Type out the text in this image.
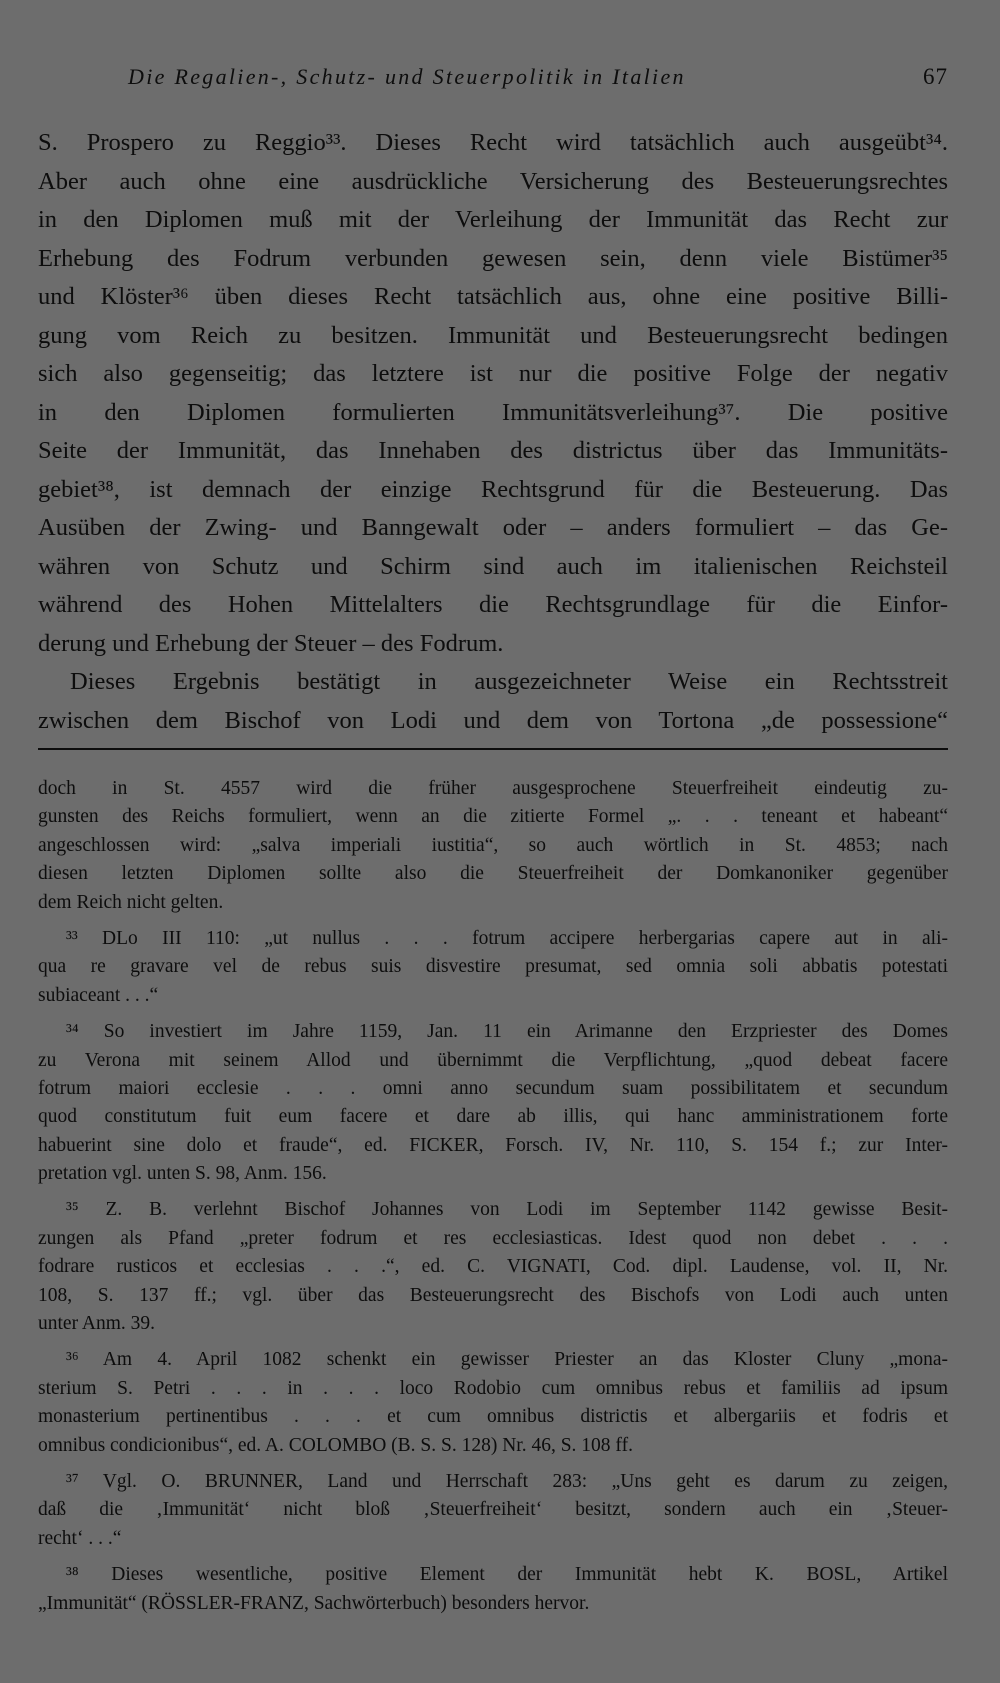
Die Regalien-, Schutz- und Steuerpolitik in Italien	67
S. Prospero zu Reggio³³. Dieses Recht wird tatsächlich auch ausgeübt³⁴.
Aber auch ohne eine ausdrückliche Versicherung des Besteuerungsrechtes
in den Diplomen muß mit der Verleihung der Immunität das Recht zur
Erhebung des Fodrum verbunden gewesen sein, denn viele Bistümer³⁵
und Klöster³⁶ üben dieses Recht tatsächlich aus, ohne eine positive Billi-
gung vom Reich zu besitzen. Immunität und Besteuerungsrecht bedingen
sich also gegenseitig; das letztere ist nur die positive Folge der negativ
in den Diplomen formulierten Immunitätsverleihung³⁷. Die positive
Seite der Immunität, das Innehaben des districtus über das Immunitäts-
gebiet³⁸, ist demnach der einzige Rechtsgrund für die Besteuerung. Das
Ausüben der Zwing- und Banngewalt oder – anders formuliert – das Ge-
währen von Schutz und Schirm sind auch im italienischen Reichsteil
während des Hohen Mittelalters die Rechtsgrundlage für die Einfor-
derung und Erhebung der Steuer – des Fodrum.
Dieses Ergebnis bestätigt in ausgezeichneter Weise ein Rechtsstreit
zwischen dem Bischof von Lodi und dem von Tortona „de possessione“
doch in St. 4557 wird die früher ausgesprochene Steuerfreiheit eindeutig zu-
gunsten des Reichs formuliert, wenn an die zitierte Formel „. . . teneant et habeant“
angeschlossen wird: „salva imperiali iustitia“, so auch wörtlich in St. 4853; nach
diesen letzten Diplomen sollte also die Steuerfreiheit der Domkanoniker gegenüber
dem Reich nicht gelten.
³³ DLo III 110: „ut nullus . . . fotrum accipere herbergarias capere aut in ali-
qua re gravare vel de rebus suis disvestire presumat, sed omnia soli abbatis potestati
subiaceant . . .“
³⁴ So investiert im Jahre 1159, Jan. 11 ein Arimanne den Erzpriester des Domes
zu Verona mit seinem Allod und übernimmt die Verpflichtung, „quod debeat facere
fotrum maiori ecclesie . . . omni anno secundum suam possibilitatem et secundum
quod constitutum fuit eum facere et dare ab illis, qui hanc amministrationem forte
habuerint sine dolo et fraude“, ed. FICKER, Forsch. IV, Nr. 110, S. 154 f.; zur Inter-
pretation vgl. unten S. 98, Anm. 156.
³⁵ Z. B. verlehnt Bischof Johannes von Lodi im September 1142 gewisse Besit-
zungen als Pfand „preter fodrum et res ecclesiasticas. Idest quod non debet . . .
fodrare rusticos et ecclesias . . .“, ed. C. VIGNATI, Cod. dipl. Laudense, vol. II, Nr.
108, S. 137 ff.; vgl. über das Besteuerungsrecht des Bischofs von Lodi auch unten
unter Anm. 39.
³⁶ Am 4. April 1082 schenkt ein gewisser Priester an das Kloster Cluny „mona-
sterium S. Petri . . . in . . . loco Rodobio cum omnibus rebus et familiis ad ipsum
monasterium pertinentibus . . . et cum omnibus districtis et albergariis et fodris et
omnibus condicionibus“, ed. A. COLOMBO (B. S. S. 128) Nr. 46, S. 108 ff.
³⁷ Vgl. O. BRUNNER, Land und Herrschaft 283: „Uns geht es darum zu zeigen,
daß die ‚Immunität‘ nicht bloß ‚Steuerfreiheit‘ besitzt, sondern auch ein ‚Steuer-
recht‘ . . .“
³⁸ Dieses wesentliche, positive Element der Immunität hebt K. BOSL, Artikel
„Immunität“ (RÖSSLER-FRANZ, Sachwörterbuch) besonders hervor.
